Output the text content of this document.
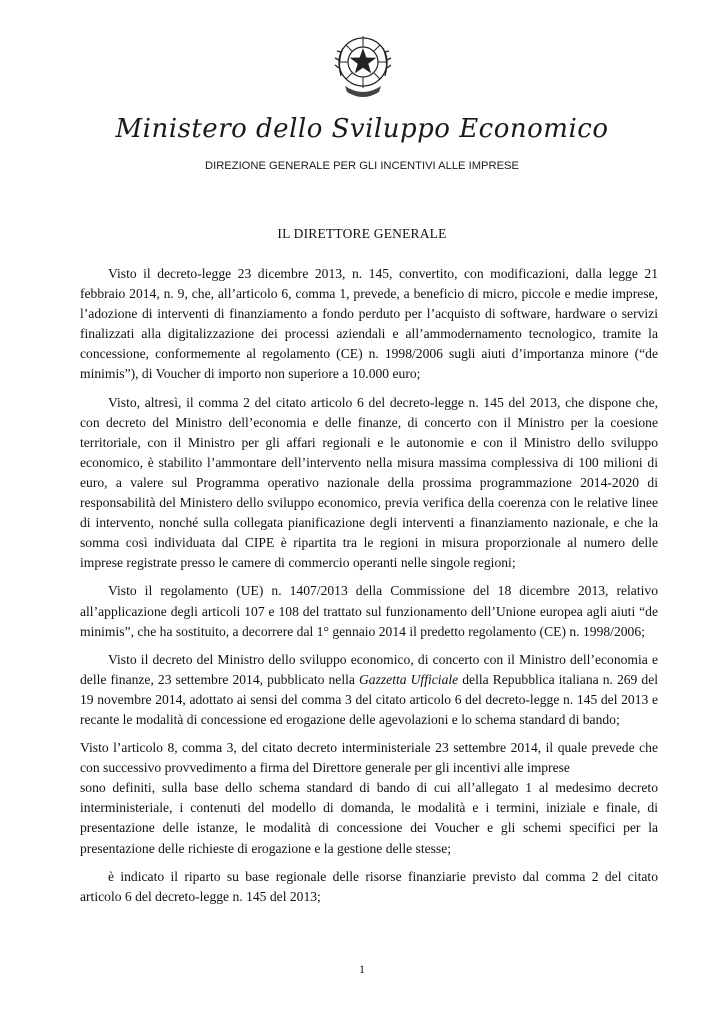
Ministero dello Sviluppo Economico
DIREZIONE GENERALE PER GLI INCENTIVI ALLE IMPRESE
IL DIRETTORE GENERALE

Visto il decreto-legge 23 dicembre 2013, n. 145, convertito, con modificazioni, dalla legge 21 febbraio 2014, n. 9, che, all’articolo 6, comma 1, prevede, a beneficio di micro, piccole e medie imprese, l’adozione di interventi di finanziamento a fondo perduto per l’acquisto di software, hardware o servizi finalizzati alla digitalizzazione dei processi aziendali e all’ammodernamento tecnologico, tramite la concessione, conformemente al regolamento (CE) n. 1998/2006 sugli aiuti d’importanza minore (“de minimis”), di Voucher di importo non superiore a 10.000 euro;

Visto, altresì, il comma 2 del citato articolo 6 del decreto-legge n. 145 del 2013, che dispone che, con decreto del Ministro dell’economia e delle finanze, di concerto con il Ministro per la coesione territoriale, con il Ministro per gli affari regionali e le autonomie e con il Ministro dello sviluppo economico, è stabilito l’ammontare dell’intervento nella misura massima complessiva di 100 milioni di euro, a valere sul Programma operativo nazionale della prossima programmazione 2014-2020 di responsabilità del Ministero dello sviluppo economico, previa verifica della coerenza con le relative linee di intervento, nonché sulla collegata pianificazione degli interventi a finanziamento nazionale, e che la somma così individuata dal CIPE è ripartita tra le regioni in misura proporzionale al numero delle imprese registrate presso le camere di commercio operanti nelle singole regioni;

Visto il regolamento (UE) n. 1407/2013 della Commissione del 18 dicembre 2013, relativo all’applicazione degli articoli 107 e 108 del trattato sul funzionamento dell’Unione europea agli aiuti “de minimis”, che ha sostituito, a decorrere dal 1° gennaio 2014 il predetto regolamento (CE) n. 1998/2006;

Visto il decreto del Ministro dello sviluppo economico, di concerto con il Ministro dell’economia e delle finanze, 23 settembre 2014, pubblicato nella Gazzetta Ufficiale della Repubblica italiana n. 269 del 19 novembre 2014, adottato ai sensi del comma 3 del citato articolo 6 del decreto-legge n. 145 del 2013 e recante le modalità di concessione ed erogazione delle agevolazioni e lo schema standard di bando;

Visto l’articolo 8, comma 3, del citato decreto interministeriale 23 settembre 2014, il quale prevede che con successivo provvedimento a firma del Direttore generale per gli incentivi alle imprese

sono definiti, sulla base dello schema standard di bando di cui all’allegato 1 al medesimo decreto interministeriale, i contenuti del modello di domanda, le modalità e i termini, iniziale e finale, di presentazione delle istanze, le modalità di concessione dei Voucher e gli schemi specifici per la presentazione delle richieste di erogazione e la gestione delle stesse;

è indicato il riparto su base regionale delle risorse finanziarie previsto dal comma 2 del citato articolo 6 del decreto-legge n. 145 del 2013;

1
